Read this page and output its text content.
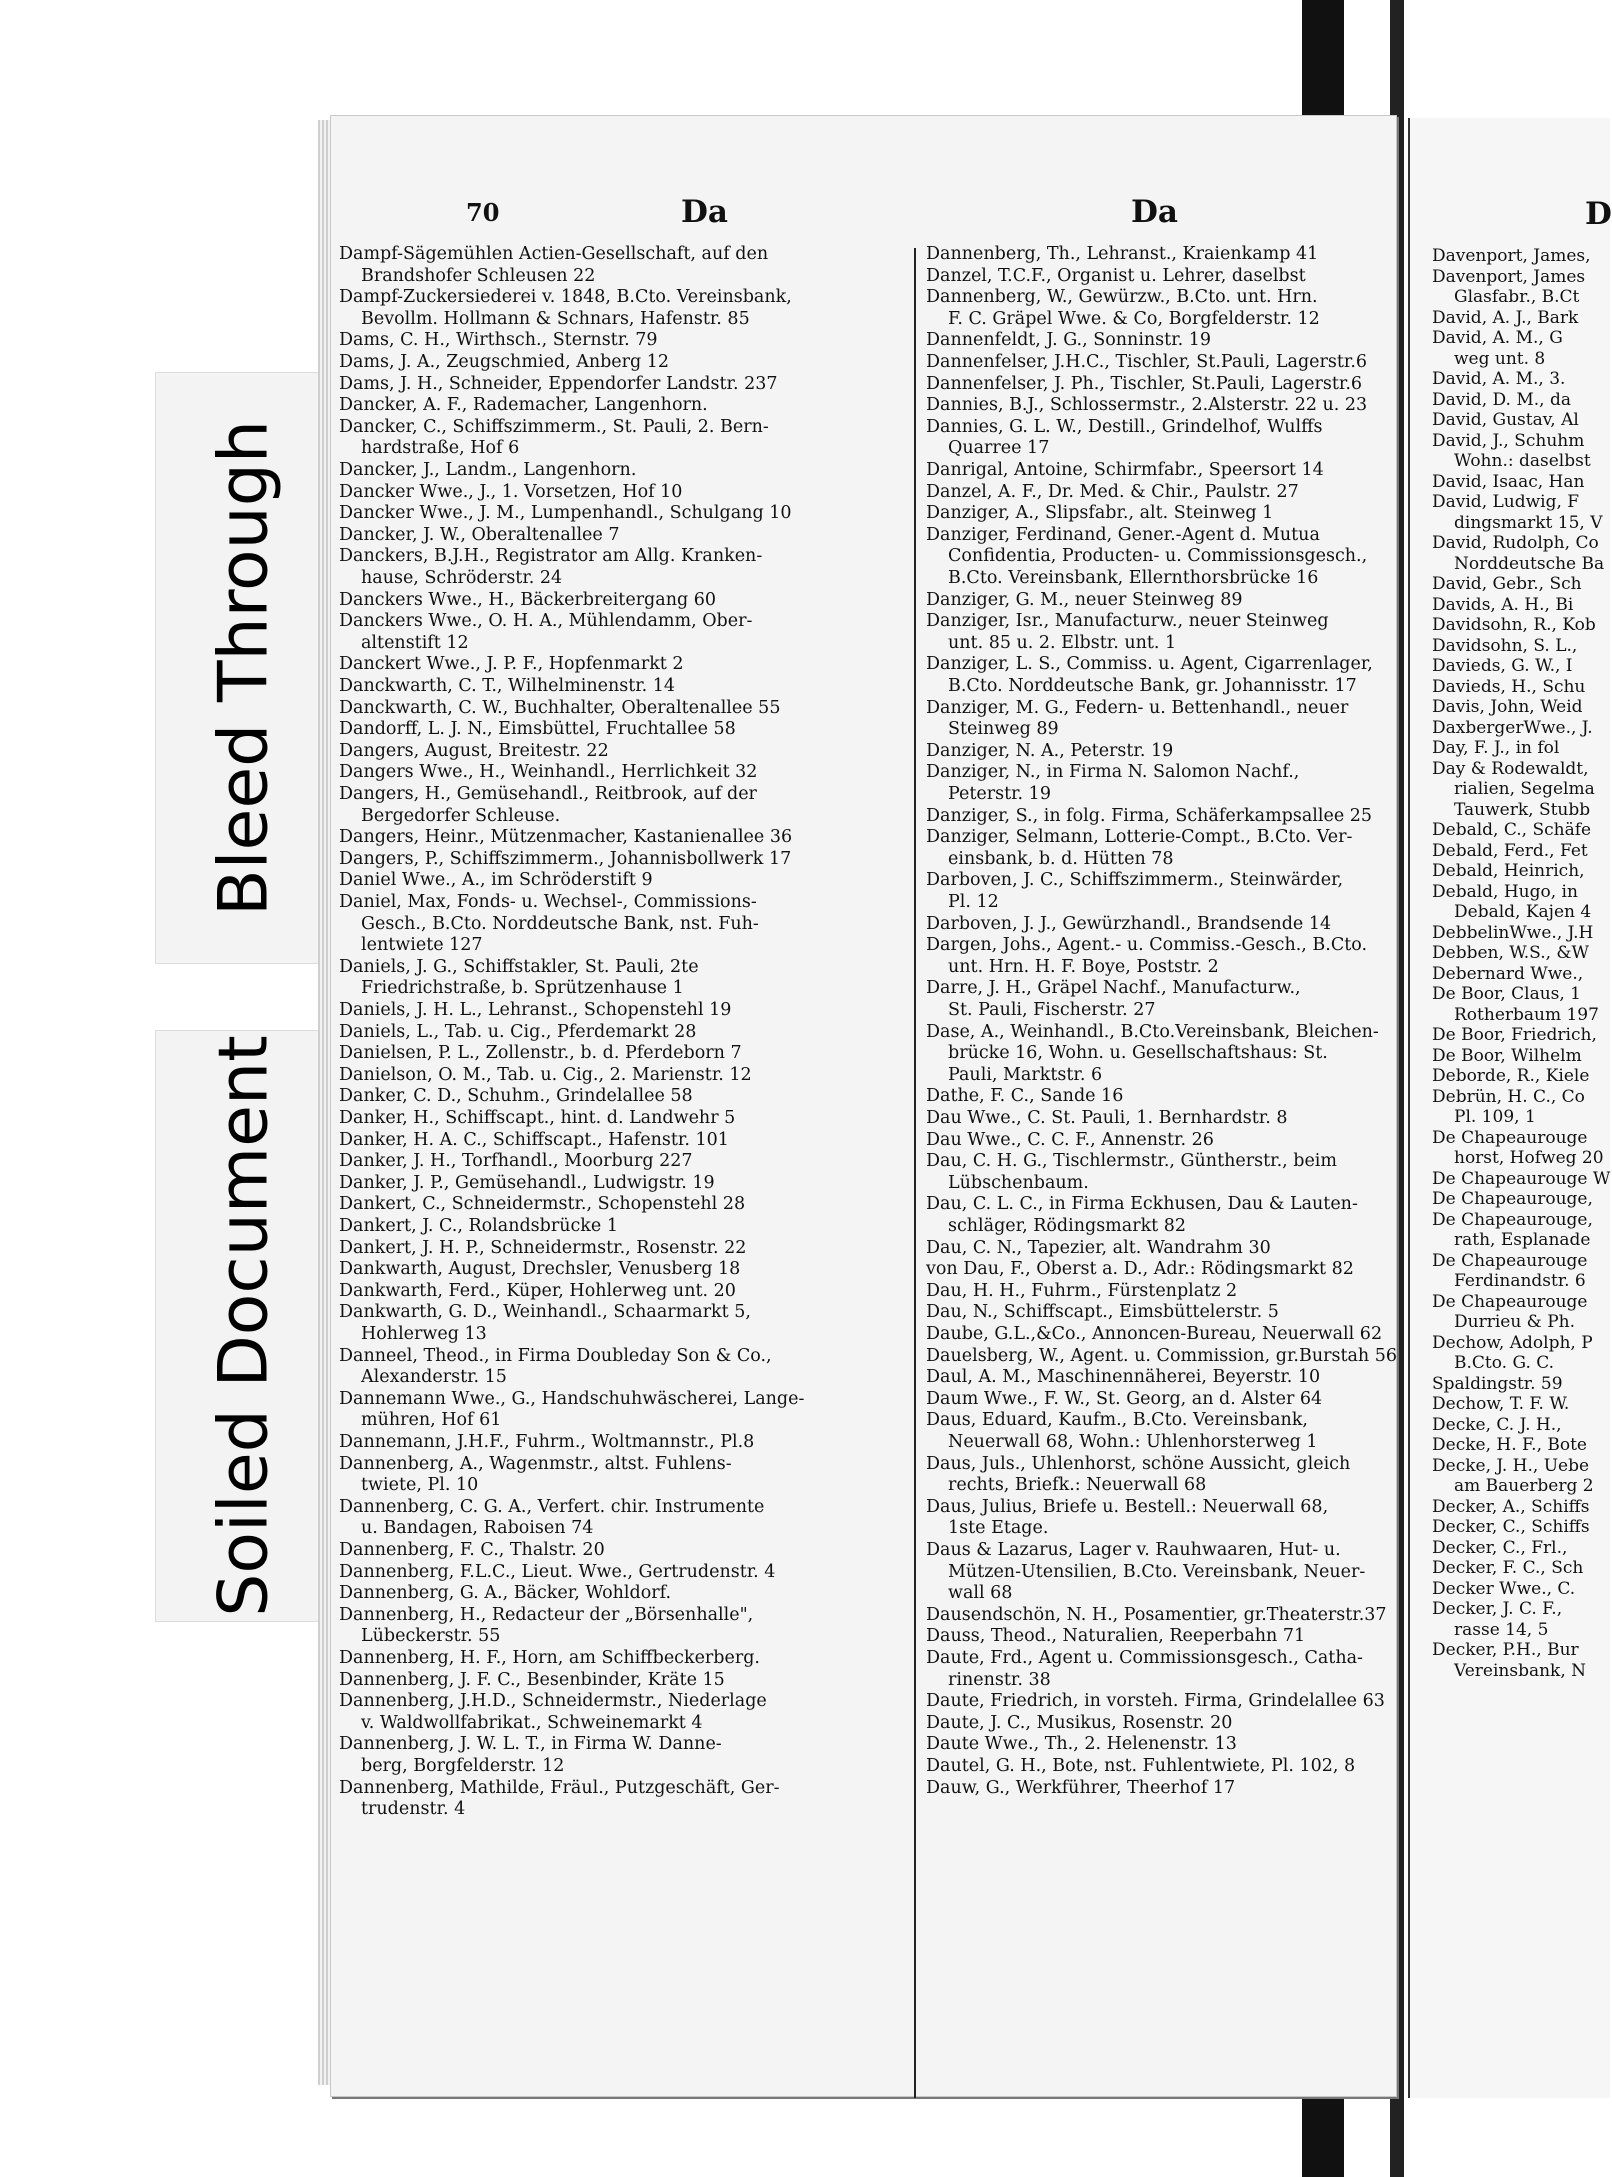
Bleed Through
Soiled Document
70	Da	Da
Dampf-Sägemühlen Actien-Gesellschaft, auf den
Brandshofer Schleusen 22
Dampf-Zuckersiederei v. 1848, B.Cto. Vereinsbank,
Bevollm. Hollmann & Schnars, Hafenstr. 85
Dams, C. H., Wirthsch., Sternstr. 79
Dams, J. A., Zeugschmied, Anberg 12
Dams, J. H., Schneider, Eppendorfer Landstr. 237
Dancker, A. F., Rademacher, Langenhorn.
Dancker, C., Schiffszimmerm., St. Pauli, 2. Bern-
hardstraße, Hof 6
Dancker, J., Landm., Langenhorn.
Dancker Wwe., J., 1. Vorsetzen, Hof 10
Dancker Wwe., J. M., Lumpenhandl., Schulgang 10
Dancker, J. W., Oberaltenallee 7
Danckers, B.J.H., Registrator am Allg. Kranken-
hause, Schröderstr. 24
Danckers Wwe., H., Bäckerbreitergang 60
Danckers Wwe., O. H. A., Mühlendamm, Ober-
altenstift 12
Danckert Wwe., J. P. F., Hopfenmarkt 2
Danckwarth, C. T., Wilhelminenstr. 14
Danckwarth, C. W., Buchhalter, Oberaltenallee 55
Dandorff, L. J. N., Eimsbüttel, Fruchtallee 58
Dangers, August, Breitestr. 22
Dangers Wwe., H., Weinhandl., Herrlichkeit 32
Dangers, H., Gemüsehandl., Reitbrook, auf der
Bergedorfer Schleuse.
Dangers, Heinr., Mützenmacher, Kastanienallee 36
Dangers, P., Schiffszimmerm., Johannisbollwerk 17
Daniel Wwe., A., im Schröderstift 9
Daniel, Max, Fonds- u. Wechsel-, Commissions-
Gesch., B.Cto. Norddeutsche Bank, nst. Fuh-
lentwiete 127
Daniels, J. G., Schiffstakler, St. Pauli, 2te
Friedrichstraße, b. Sprützenhause 1
Daniels, J. H. L., Lehranst., Schopenstehl 19
Daniels, L., Tab. u. Cig., Pferdemarkt 28
Danielsen, P. L., Zollenstr., b. d. Pferdeborn 7
Danielson, O. M., Tab. u. Cig., 2. Marienstr. 12
Danker, C. D., Schuhm., Grindelallee 58
Danker, H., Schiffscapt., hint. d. Landwehr 5
Danker, H. A. C., Schiffscapt., Hafenstr. 101
Danker, J. H., Torfhandl., Moorburg 227
Danker, J. P., Gemüsehandl., Ludwigstr. 19
Dankert, C., Schneidermstr., Schopenstehl 28
Dankert, J. C., Rolandsbrücke 1
Dankert, J. H. P., Schneidermstr., Rosenstr. 22
Dankwarth, August, Drechsler, Venusberg 18
Dankwarth, Ferd., Küper, Hohlerweg unt. 20
Dankwarth, G. D., Weinhandl., Schaarmarkt 5,
Hohlerweg 13
Danneel, Theod., in Firma Doubleday Son & Co.,
Alexanderstr. 15
Dannemann Wwe., G., Handschuhwäscherei, Lange-
mühren, Hof 61
Dannemann, J.H.F., Fuhrm., Woltmannstr., Pl.8
Dannenberg, A., Wagenmstr., altst. Fuhlens-
twiete, Pl. 10
Dannenberg, C. G. A., Verfert. chir. Instrumente
u. Bandagen, Raboisen 74
Dannenberg, F. C., Thalstr. 20
Dannenberg, F.L.C., Lieut. Wwe., Gertrudenstr. 4
Dannenberg, G. A., Bäcker, Wohldorf.
Dannenberg, H., Redacteur der „Börsenhalle",
Lübeckerstr. 55
Dannenberg, H. F., Horn, am Schiffbeckerberg.
Dannenberg, J. F. C., Besenbinder, Kräte 15
Dannenberg, J.H.D., Schneidermstr., Niederlage
v. Waldwollfabrikat., Schweinemarkt 4
Dannenberg, J. W. L. T., in Firma W. Danne-
berg, Borgfelderstr. 12
Dannenberg, Mathilde, Fräul., Putzgeschäft, Ger-
trudenstr. 4
Dannenberg, Th., Lehranst., Kraienkamp 41
Danzel, T.C.F., Organist u. Lehrer, daselbst
Dannenberg, W., Gewürzw., B.Cto. unt. Hrn.
F. C. Gräpel Wwe. & Co, Borgfelderstr. 12
Dannenfeldt, J. G., Sonninstr. 19
Dannenfelser, J.H.C., Tischler, St.Pauli, Lagerstr.6
Dannenfelser, J. Ph., Tischler, St.Pauli, Lagerstr.6
Dannies, B.J., Schlossermstr., 2.Alsterstr. 22 u. 23
Dannies, G. L. W., Destill., Grindelhof, Wulffs
Quarree 17
Danrigal, Antoine, Schirmfabr., Speersort 14
Danzel, A. F., Dr. Med. & Chir., Paulstr. 27
Danziger, A., Slipsfabr., alt. Steinweg 1
Danziger, Ferdinand, Gener.-Agent d. Mutua
Confidentia, Producten- u. Commissionsgesch.,
B.Cto. Vereinsbank, Ellernthorsbrücke 16
Danziger, G. M., neuer Steinweg 89
Danziger, Isr., Manufacturw., neuer Steinweg
unt. 85 u. 2. Elbstr. unt. 1
Danziger, L. S., Commiss. u. Agent, Cigarrenlager,
B.Cto. Norddeutsche Bank, gr. Johannisstr. 17
Danziger, M. G., Federn- u. Bettenhandl., neuer
Steinweg 89
Danziger, N. A., Peterstr. 19
Danziger, N., in Firma N. Salomon Nachf.,
Peterstr. 19
Danziger, S., in folg. Firma, Schäferkampsallee 25
Danziger, Selmann, Lotterie-Compt., B.Cto. Ver-
einsbank, b. d. Hütten 78
Darboven, J. C., Schiffszimmerm., Steinwärder,
Pl. 12
Darboven, J. J., Gewürzhandl., Brandsende 14
Dargen, Johs., Agent.- u. Commiss.-Gesch., B.Cto.
unt. Hrn. H. F. Boye, Poststr. 2
Darre, J. H., Gräpel Nachf., Manufacturw.,
St. Pauli, Fischerstr. 27
Dase, A., Weinhandl., B.Cto.Vereinsbank, Bleichen-
brücke 16, Wohn. u. Gesellschaftshaus: St.
Pauli, Marktstr. 6
Dathe, F. C., Sande 16
Dau Wwe., C. St. Pauli, 1. Bernhardstr. 8
Dau Wwe., C. C. F., Annenstr. 26
Dau, C. H. G., Tischlermstr., Güntherstr., beim
Lübschenbaum.
Dau, C. L. C., in Firma Eckhusen, Dau & Lauten-
schläger, Rödingsmarkt 82
Dau, C. N., Tapezier, alt. Wandrahm 30
von Dau, F., Oberst a. D., Adr.: Rödingsmarkt 82
Dau, H. H., Fuhrm., Fürstenplatz 2
Dau, N., Schiffscapt., Eimsbüttelerstr. 5
Daube, G.L.,&Co., Annoncen-Bureau, Neuerwall 62
Dauelsberg, W., Agent. u. Commission, gr.Burstah 56
Daul, A. M., Maschinennäherei, Beyerstr. 10
Daum Wwe., F. W., St. Georg, an d. Alster 64
Daus, Eduard, Kaufm., B.Cto. Vereinsbank,
Neuerwall 68, Wohn.: Uhlenhorsterweg 1
Daus, Juls., Uhlenhorst, schöne Aussicht, gleich
rechts, Briefk.: Neuerwall 68
Daus, Julius, Briefe u. Bestell.: Neuerwall 68,
1ste Etage.
Daus & Lazarus, Lager v. Rauhwaaren, Hut- u.
Mützen-Utensilien, B.Cto. Vereinsbank, Neuer-
wall 68
Dausendschön, N. H., Posamentier, gr.Theaterstr.37
Dauss, Theod., Naturalien, Reeperbahn 71
Daute, Frd., Agent u. Commissionsgesch., Catha-
rinenstr. 38
Daute, Friedrich, in vorsteh. Firma, Grindelallee 63
Daute, J. C., Musikus, Rosenstr. 20
Daute Wwe., Th., 2. Helenenstr. 13
Dautel, G. H., Bote, nst. Fuhlentwiete, Pl. 102, 8
Dauw, G., Werkführer, Theerhof 17
D
Davenport, James,
Davenport, James
Glasfabr., B.Ct
David, A. J., Bark
David, A. M., G
weg unt. 8
David, A. M., 3.
David, D. M., da
David, Gustav, Al
David, J., Schuhm
Wohn.: daselbst
David, Isaac, Han
David, Ludwig, F
dingsmarkt 15, V
David, Rudolph, Co
Norddeutsche Ba
David, Gebr., Sch
Davids, A. H., Bi
Davidsohn, R., Kob
Davidsohn, S. L.,
Davieds, G. W., I
Davieds, H., Schu
Davis, John, Weid
DaxbergerWwe., J.
Day, F. J., in fol
Day & Rodewaldt,
rialien, Segelma
Tauwerk, Stubb
Debald, C., Schäfe
Debald, Ferd., Fet
Debald, Heinrich,
Debald, Hugo, in
Debald, Kajen 4
DebbelinWwe., J.H
Debben, W.S., &W
Debernard Wwe.,
De Boor, Claus, 1
Rotherbaum 197
De Boor, Friedrich,
De Boor, Wilhelm
Deborde, R., Kiele
Debrün, H. C., Co
Pl. 109, 1
De Chapeaurouge
horst, Hofweg 20
De Chapeaurouge W
De Chapeaurouge,
De Chapeaurouge,
rath, Esplanade
De Chapeaurouge
Ferdinandstr. 6
De Chapeaurouge
Durrieu & Ph.
Dechow, Adolph, P
B.Cto. G. C.
Spaldingstr. 59
Dechow, T. F. W.
Decke, C. J. H.,
Decke, H. F., Bote
Decke, J. H., Uebe
am Bauerberg 2
Decker, A., Schiffs
Decker, C., Schiffs
Decker, C., Frl.,
Decker, F. C., Sch
Decker Wwe., C.
Decker, J. C. F.,
rasse 14, 5
Decker, P.H., Bur
Vereinsbank, N
